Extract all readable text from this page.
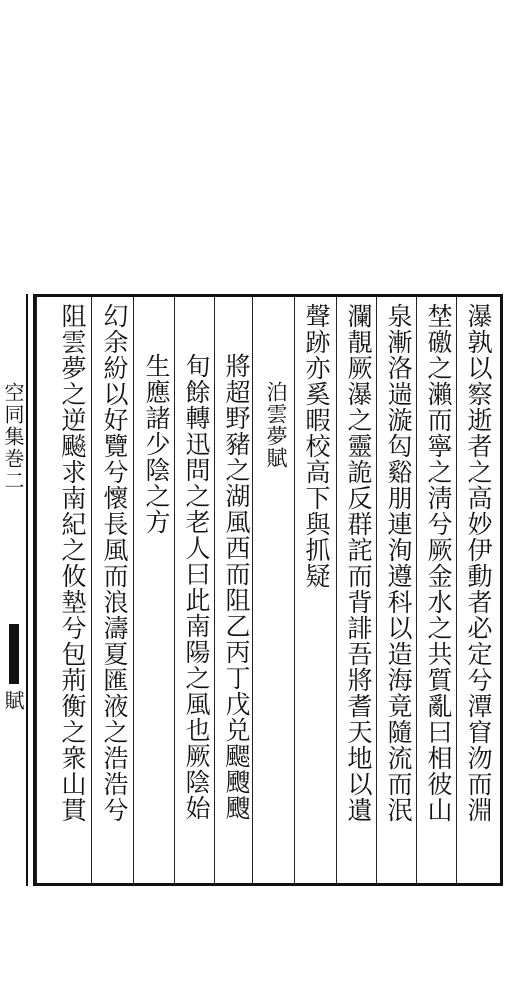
空同集巻二
賦	瀑孰以察逝者之高妙伊動者必定兮潭窅沕而淵
埜礉之瀨而寧之淸兮厥金水之共質亂曰相彼山
泉漸洛遄漩匃谿朋連洵遵科以造海竟隨流而泯
瀾靚厥瀑之靈詭反群詫而背誹吾將耆天地以遺
聲跡亦奚暇校高下與抓疑
泊雲夢賦
將超野豬之湖風西而阻乙丙丁戊兑颸颼颼
旬餘轉迅問之老人曰此南陽之風也厥陰始
生應諸少陰之方
幻余紛以好覽兮懷長風而浪濤夏匯液之浩浩兮
阻雲夢之逆飈求南紀之攸墊兮包荊衡之衆山貫
